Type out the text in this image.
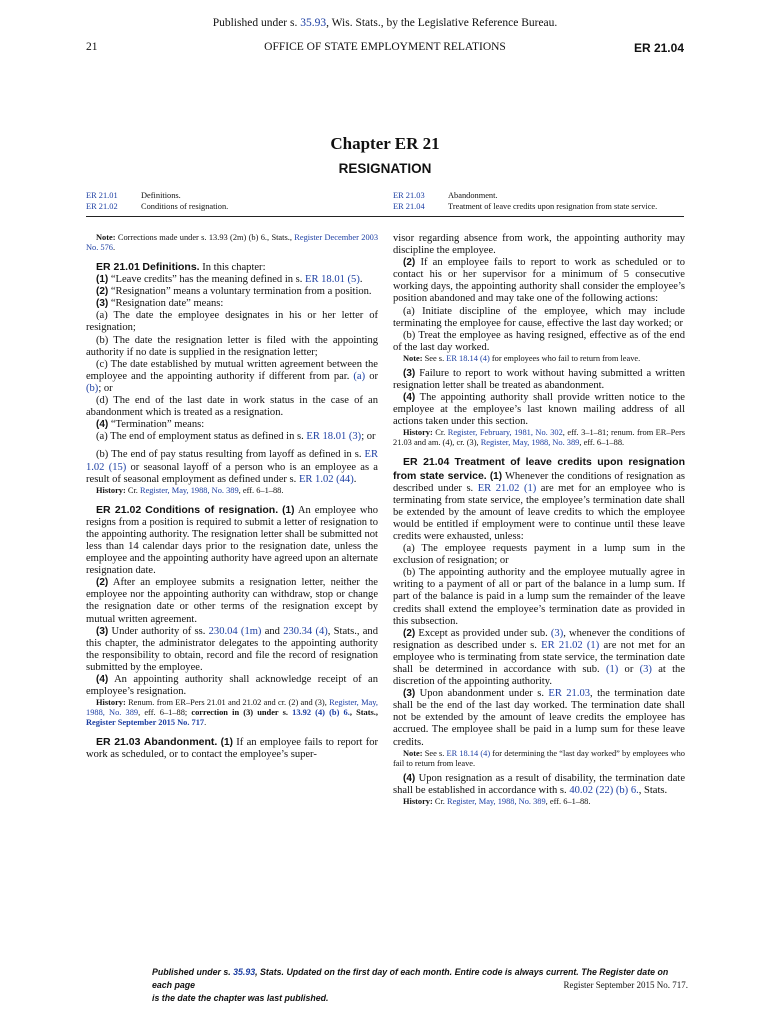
Published under s. 35.93, Wis. Stats., by the Legislative Reference Bureau.
21	OFFICE OF STATE EMPLOYMENT RELATIONS	ER 21.04
Chapter ER 21
RESIGNATION
ER 21.01	Definitions.
ER 21.02	Conditions of resignation.
ER 21.03	Abandonment.
ER 21.04	Treatment of leave credits upon resignation from state service.

Note: Corrections made under s. 13.93 (2m) (b) 6., Stats., Register December 2003 No. 576.

ER 21.01 Definitions. In this chapter:

(1) “Leave credits” has the meaning defined in s. ER 18.01 (5).

(2) “Resignation” means a voluntary termination from a position.

(3) “Resignation date” means:

(a) The date the employee designates in his or her letter of resignation;

(b) The date the resignation letter is filed with the appointing authority if no date is supplied in the resignation letter;

(c) The date established by mutual written agreement between the employee and the appointing authority if different from par. (a) or (b); or

(d) The end of the last date in work status in the case of an abandonment which is treated as a resignation.

(4) “Termination” means:

(a) The end of employment status as defined in s. ER 18.01 (3); or

(b) The end of pay status resulting from layoff as defined in s. ER 1.02 (15) or seasonal layoff of a person who is an employee as a result of seasonal employment as defined under s. ER 1.02 (44).

History: Cr. Register, May, 1988, No. 389, eff. 6–1–88.

ER 21.02 Conditions of resignation. (1) An employee who resigns from a position is required to submit a letter of resignation to the appointing authority. The resignation letter shall be submitted not less than 14 calendar days prior to the resignation date, unless the employee and the appointing authority have agreed upon an alternate resignation date.

(2) After an employee submits a resignation letter, neither the employee nor the appointing authority can withdraw, stop or change the resignation date or other terms of the resignation except by mutual written agreement.

(3) Under authority of ss. 230.04 (1m) and 230.34 (4), Stats., and this chapter, the administrator delegates to the appointing authority the responsibility to obtain, record and file the record of resignation submitted by the employee.

(4) An appointing authority shall acknowledge receipt of an employee’s resignation.

History: Renum. from ER–Pers 21.01 and 21.02 and cr. (2) and (3), Register, May, 1988, No. 389, eff. 6–1–88; correction in (3) under s. 13.92 (4) (b) 6., Stats., Register September 2015 No. 717.

ER 21.03 Abandonment. (1) If an employee fails to report for work as scheduled, or to contact the employee’s super-

visor regarding absence from work, the appointing authority may discipline the employee.

(2) If an employee fails to report to work as scheduled or to contact his or her supervisor for a minimum of 5 consecutive working days, the appointing authority shall consider the employee’s position abandoned and may take one of the following actions:

(a) Initiate discipline of the employee, which may include terminating the employee for cause, effective the last day worked; or

(b) Treat the employee as having resigned, effective as of the end of the last day worked.

Note: See s. ER 18.14 (4) for employees who fail to return from leave.

(3) Failure to report to work without having submitted a written resignation letter shall be treated as abandonment.

(4) The appointing authority shall provide written notice to the employee at the employee’s last known mailing address of all actions taken under this section.

History: Cr. Register, February, 1981, No. 302, eff. 3–1–81; renum. from ER–Pers 21.03 and am. (4), cr. (3), Register, May, 1988, No. 389, eff. 6–1–88.

ER 21.04 Treatment of leave credits upon resignation from state service. (1) Whenever the conditions of resignation as described under s. ER 21.02 (1) are met for an employee who is terminating from state service, the employee’s termination date shall be extended by the amount of leave credits to which the employee would be entitled if employment were to continue until these leave credits were exhausted, unless:

(a) The employee requests payment in a lump sum in the exclusion of resignation; or

(b) The appointing authority and the employee mutually agree in writing to a payment of all or part of the balance in a lump sum. If part of the balance is paid in a lump sum the remainder of the leave credits shall extend the employee’s termination date as provided in this subsection.

(2) Except as provided under sub. (3), whenever the conditions of resignation as described under s. ER 21.02 (1) are not met for an employee who is terminating from state service, the termination date shall be determined in accordance with sub. (1) or (3) at the discretion of the appointing authority.

(3) Upon abandonment under s. ER 21.03, the termination date shall be the end of the last day worked. The termination date shall not be extended by the amount of leave credits the employee has accrued. The employee shall be paid in a lump sum for these leave credits.

Note: See s. ER 18.14 (4) for determining the “last day worked” by employees who fail to return from leave.

(4) Upon resignation as a result of disability, the termination date shall be established in accordance with s. 40.02 (22) (b) 6., Stats.

History: Cr. Register, May, 1988, No. 389, eff. 6–1–88.

Published under s. 35.93, Stats. Updated on the first day of each month. Entire code is always current. The Register date on each page
is the date the chapter was last published.
Register September 2015 No. 717.
